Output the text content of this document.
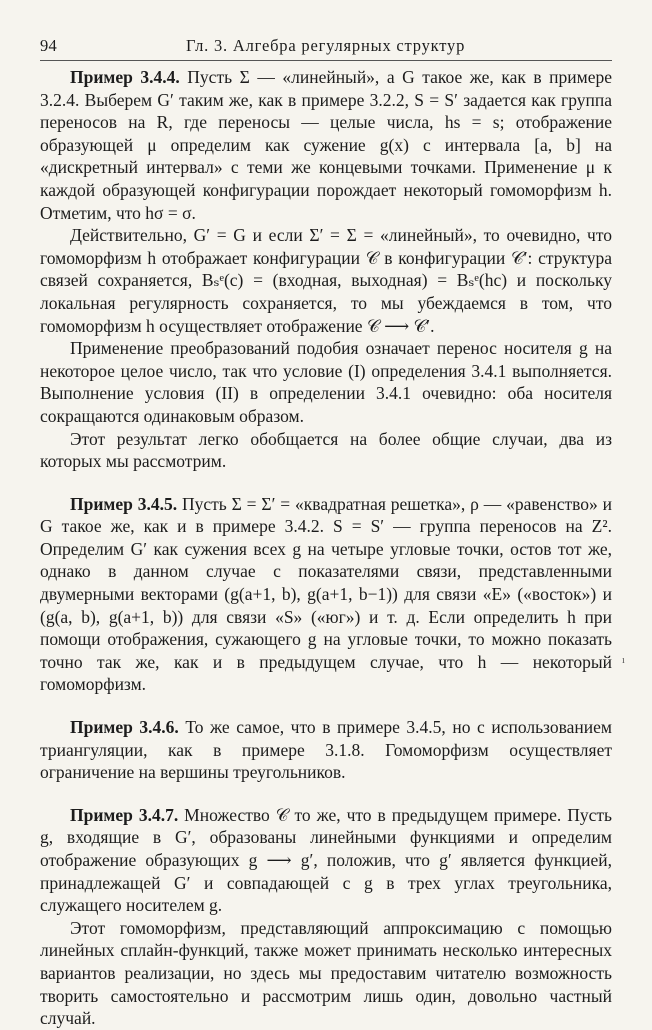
94	Гл. 3. Алгебра регулярных структур

Пример 3.4.4. Пусть Σ — «линейный», а G такое же, как в примере 3.2.4. Выберем G′ таким же, как в примере 3.2.2, S = S′ задается как группа переносов на R, где переносы — целые числа, hs = s; отображение образующей μ определим как сужение g(x) с интервала [a, b] на «дискретный интервал» с теми же концевыми точками. Применение μ к каждой образующей конфигурации порождает некоторый гомоморфизм h. Отметим, что hσ = σ.

Действительно, G′ = G и если Σ′ = Σ = «линейный», то очевидно, что гомоморфизм h отображает конфигурации 𝒞 в конфигурации 𝒞′: структура связей сохраняется, Bₛᵉ(c) = (входная, выходная) = Bₛᵉ(hc) и поскольку локальная регулярность сохраняется, то мы убеждаемся в том, что гомоморфизм h осуществляет отображение 𝒞 ⟶ 𝒞′.

Применение преобразований подобия означает перенос носителя g на некоторое целое число, так что условие (I) определения 3.4.1 выполняется. Выполнение условия (II) в определении 3.4.1 очевидно: оба носителя сокращаются одинаковым образом.

Этот результат легко обобщается на более общие случаи, два из которых мы рассмотрим.

Пример 3.4.5. Пусть Σ = Σ′ = «квадратная решетка», ρ — «равенство» и G такое же, как и в примере 3.4.2. S = S′ — группа переносов на Z². Определим G′ как сужения всех g на четыре угловые точки, остов тот же, однако в данном случае с показателями связи, представленными двумерными векторами (g(a+1, b), g(a+1, b−1)) для связи «E» («восток») и (g(a, b), g(a+1, b)) для связи «S» («юг») и т. д. Если определить h при помощи отображения, сужающего g на угловые точки, то можно показать точно так же, как и в предыдущем случае, что h — некоторый гомоморфизм.

Пример 3.4.6. То же самое, что в примере 3.4.5, но с использованием триангуляции, как в примере 3.1.8. Гомоморфизм осуществляет ограничение на вершины треугольников.

Пример 3.4.7. Множество 𝒞 то же, что в предыдущем примере. Пусть g, входящие в G′, образованы линейными функциями и определим отображение образующих g ⟶ g′, положив, что g′ является функцией, принадлежащей G′ и совпадающей с g в трех углах треугольника, служащего носителем g.

Этот гомоморфизм, представляющий аппроксимацию с помощью линейных сплайн-функций, также может принимать несколько интересных вариантов реализации, но здесь мы предоставим читателю возможность творить самостоятельно и рассмотрим лишь один, довольно частный случай.

ı
